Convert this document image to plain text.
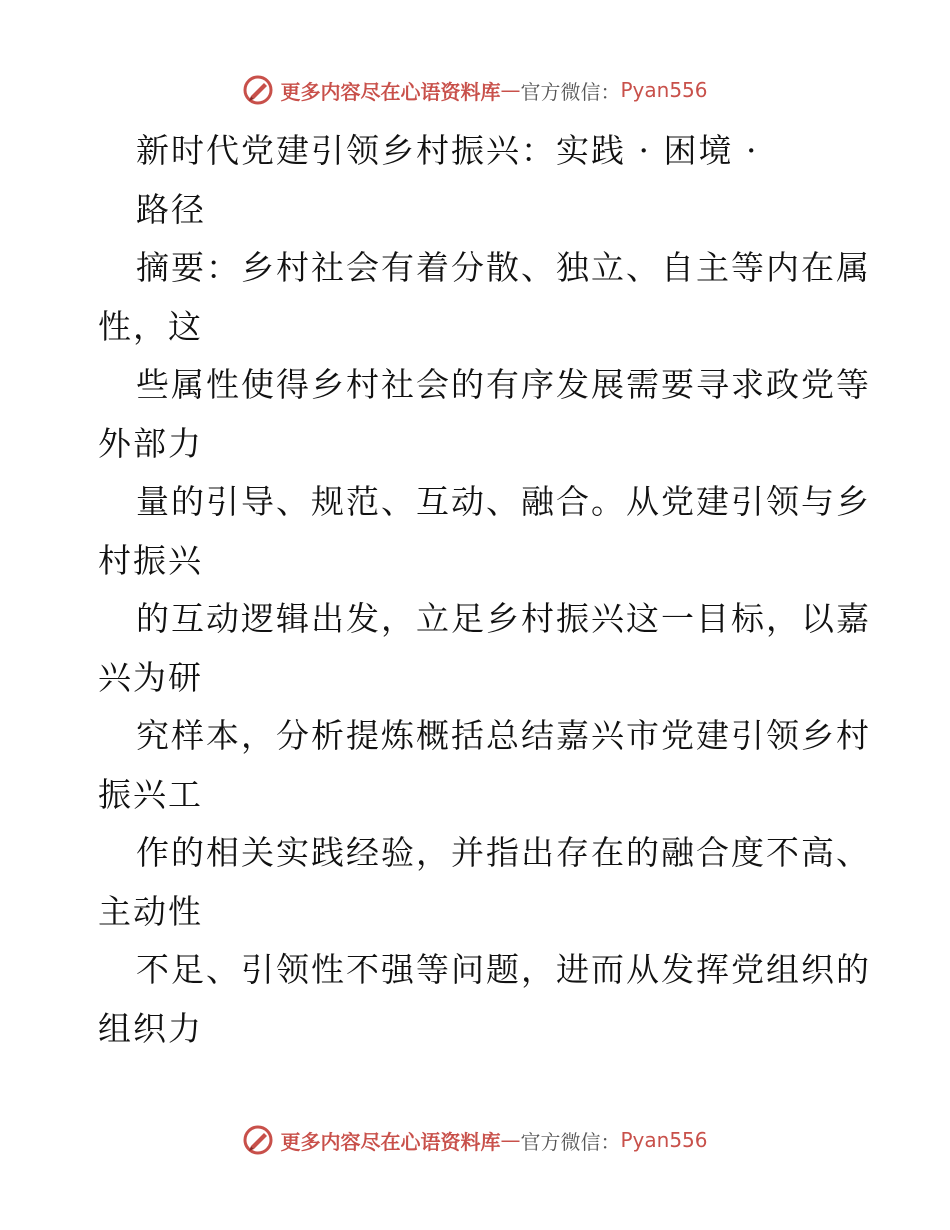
更多内容尽在心语资料库 — 官方微信： Pyan556
新时代党建引领乡村振兴：实践 · 困境 ·
路径
摘要：乡村社会有着分散、独立、自主等内在属
性，这
些属性使得乡村社会的有序发展需要寻求政党等
外部力
量的引导、规范、互动、融合。从党建引领与乡
村振兴
的互动逻辑出发，立足乡村振兴这一目标，以嘉
兴为研
究样本，分析提炼概括总结嘉兴市党建引领乡村
振兴工
作的相关实践经验，并指出存在的融合度不高、
主动性
不足、引领性不强等问题，进而从发挥党组织的
组织力
更多内容尽在心语资料库 — 官方微信： Pyan556
